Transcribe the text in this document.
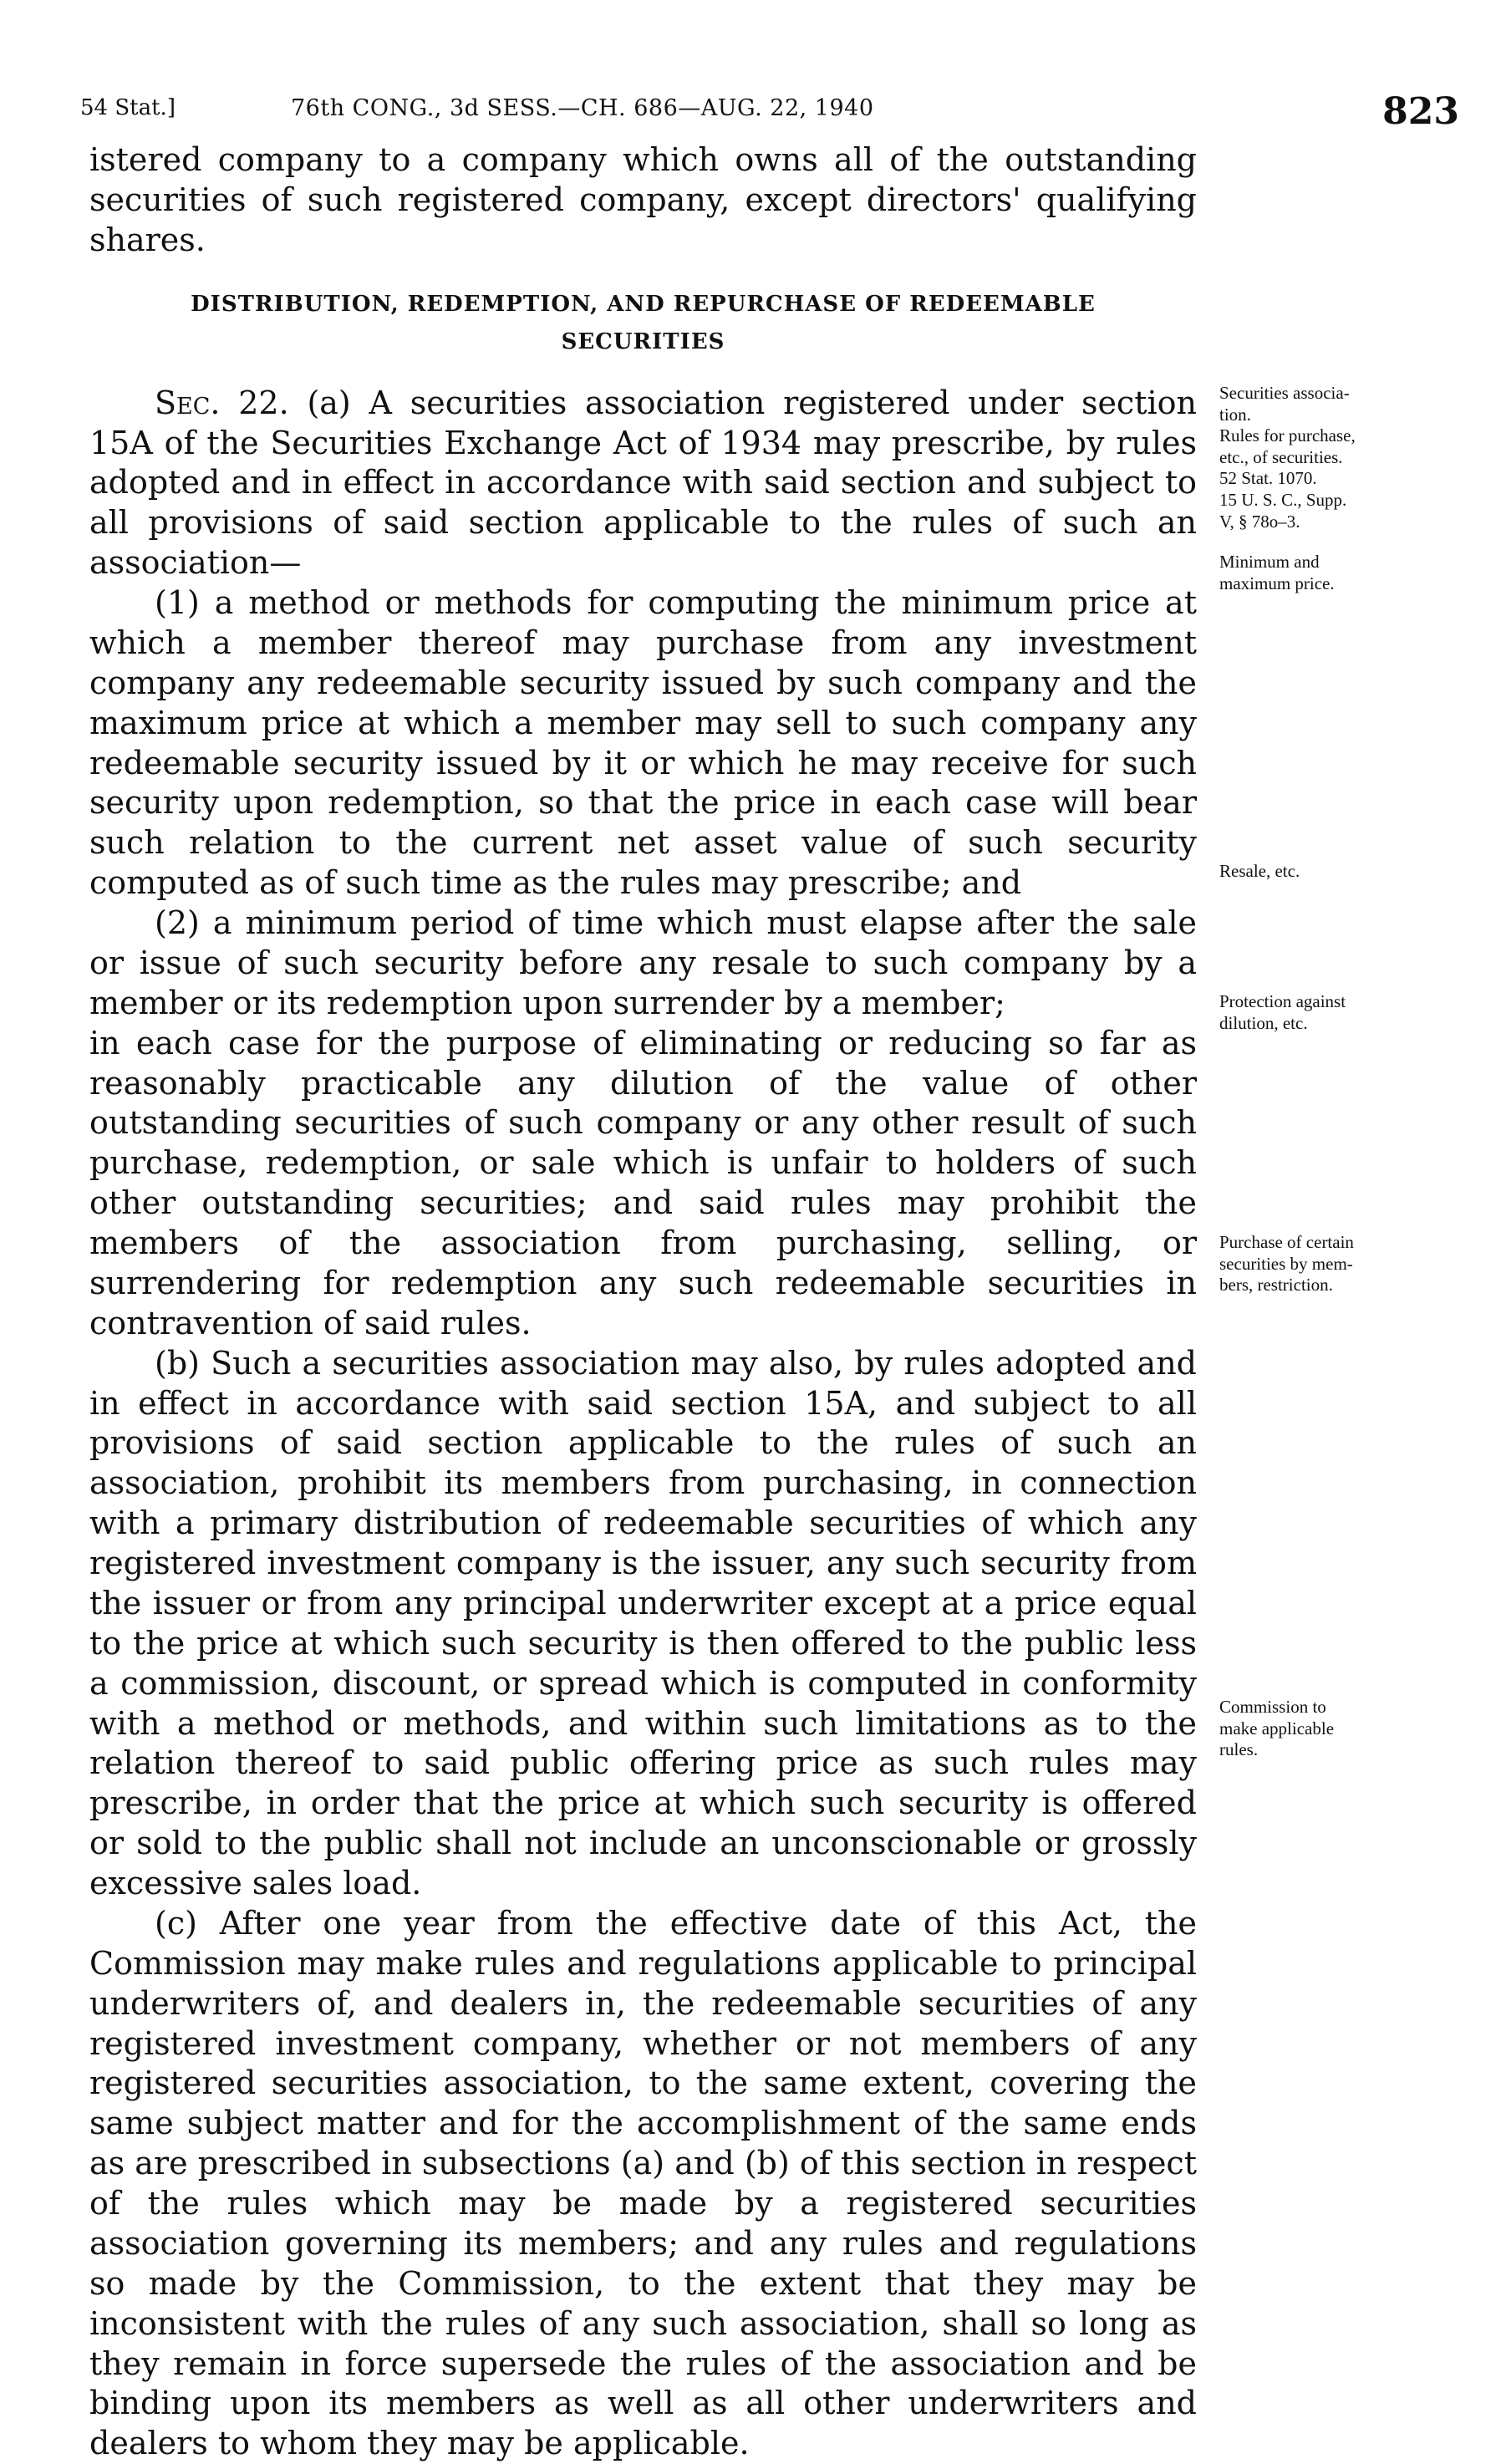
54 Stat.]	76th CONG., 3d SESS.—CH. 686—AUG. 22, 1940	823

istered company to a company which owns all of the outstanding securities of such registered company, except directors' qualifying shares.

DISTRIBUTION, REDEMPTION, AND REPURCHASE OF REDEEMABLE
SECURITIES

Sec. 22. (a) A securities association registered under section 15A of the Securities Exchange Act of 1934 may prescribe, by rules adopted and in effect in accordance with said section and subject to all provisions of said section applicable to the rules of such an association—

(1) a method or methods for computing the minimum price at which a member thereof may purchase from any investment company any redeemable security issued by such company and the maximum price at which a member may sell to such company any redeemable security issued by it or which he may receive for such security upon redemption, so that the price in each case will bear such relation to the current net asset value of such security computed as of such time as the rules may prescribe; and

(2) a minimum period of time which must elapse after the sale or issue of such security before any resale to such company by a member or its redemption upon surrender by a member;

in each case for the purpose of eliminating or reducing so far as reasonably practicable any dilution of the value of other outstanding securities of such company or any other result of such purchase, redemption, or sale which is unfair to holders of such other outstanding securities; and said rules may prohibit the members of the association from purchasing, selling, or surrendering for redemption any such redeemable securities in contravention of said rules.

(b) Such a securities association may also, by rules adopted and in effect in accordance with said section 15A, and subject to all provisions of said section applicable to the rules of such an association, prohibit its members from purchasing, in connection with a primary distribution of redeemable securities of which any registered investment company is the issuer, any such security from the issuer or from any principal underwriter except at a price equal to the price at which such security is then offered to the public less a commission, discount, or spread which is computed in conformity with a method or methods, and within such limitations as to the relation thereof to said public offering price as such rules may prescribe, in order that the price at which such security is offered or sold to the public shall not include an unconscionable or grossly excessive sales load.

(c) After one year from the effective date of this Act, the Commission may make rules and regulations applicable to principal underwriters of, and dealers in, the redeemable securities of any registered investment company, whether or not members of any registered securities association, to the same extent, covering the same subject matter and for the accomplishment of the same ends as are prescribed in subsections (a) and (b) of this section in respect of the rules which may be made by a registered securities association governing its members; and any rules and regulations so made by the Commission, to the extent that they may be inconsistent with the rules of any such association, shall so long as they remain in force supersede the rules of the association and be binding upon its members as well as all other underwriters and dealers to whom they may be applicable.

Securities associa-
tion.
Rules for purchase,
etc., of securities.
52 Stat. 1070.
15 U. S. C., Supp.
V, § 78o–3.
Minimum and
maximum price.
Resale, etc.
Protection against
dilution, etc.
Purchase of certain
securities by mem-
bers, restriction.
Commission to
make applicable
rules.
